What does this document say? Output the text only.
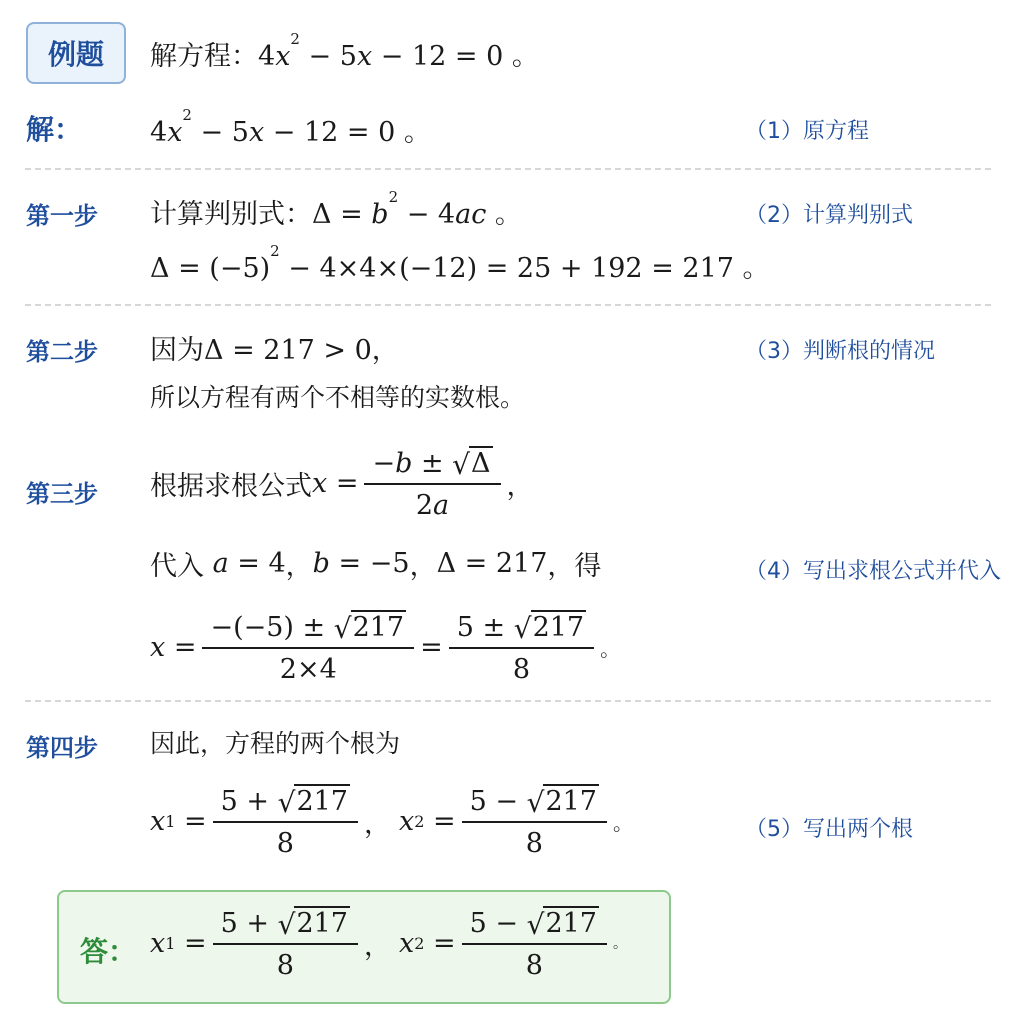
例题 解方程： $4x^2 - 5x - 12 = 0$ 。
解：	$4x^2 - 5x - 12 = 0$ 。	（1）原方程
第一步 计算判别式： $\Delta = b^2 - 4ac$ 。	（2）计算判别式
$\Delta = (-5)^2 - 4\times 4\times(-12) = 25 + 192 = 217$ 。
第二步 因为 Δ = 217 > 0，	（3）判断根的情况
所以方程有两个不相等的实数根。
第三步 根据求根公式 $x = \frac{- b \pm √ \Delta}{2a}$ ，
代入 a = 4 ， b = −5 ， Δ = 217 ，得	（4）写出求根公式并代入
$x = \frac{-(-5) \pm √ 217}{2\times 4} = \frac{5 \pm √ 217}{8}$ 。
第四步 因此，方程的两个根为
x $1 = \frac{5 + √ 217}{8}$ ， x $2 = \frac{5 - √ 217}{8}$ 。	（5）写出两个根
答： x $1 = \frac{5 + √ 217}{8}$ ， x $2 = \frac{5 - √ 217}{8}$ 。
